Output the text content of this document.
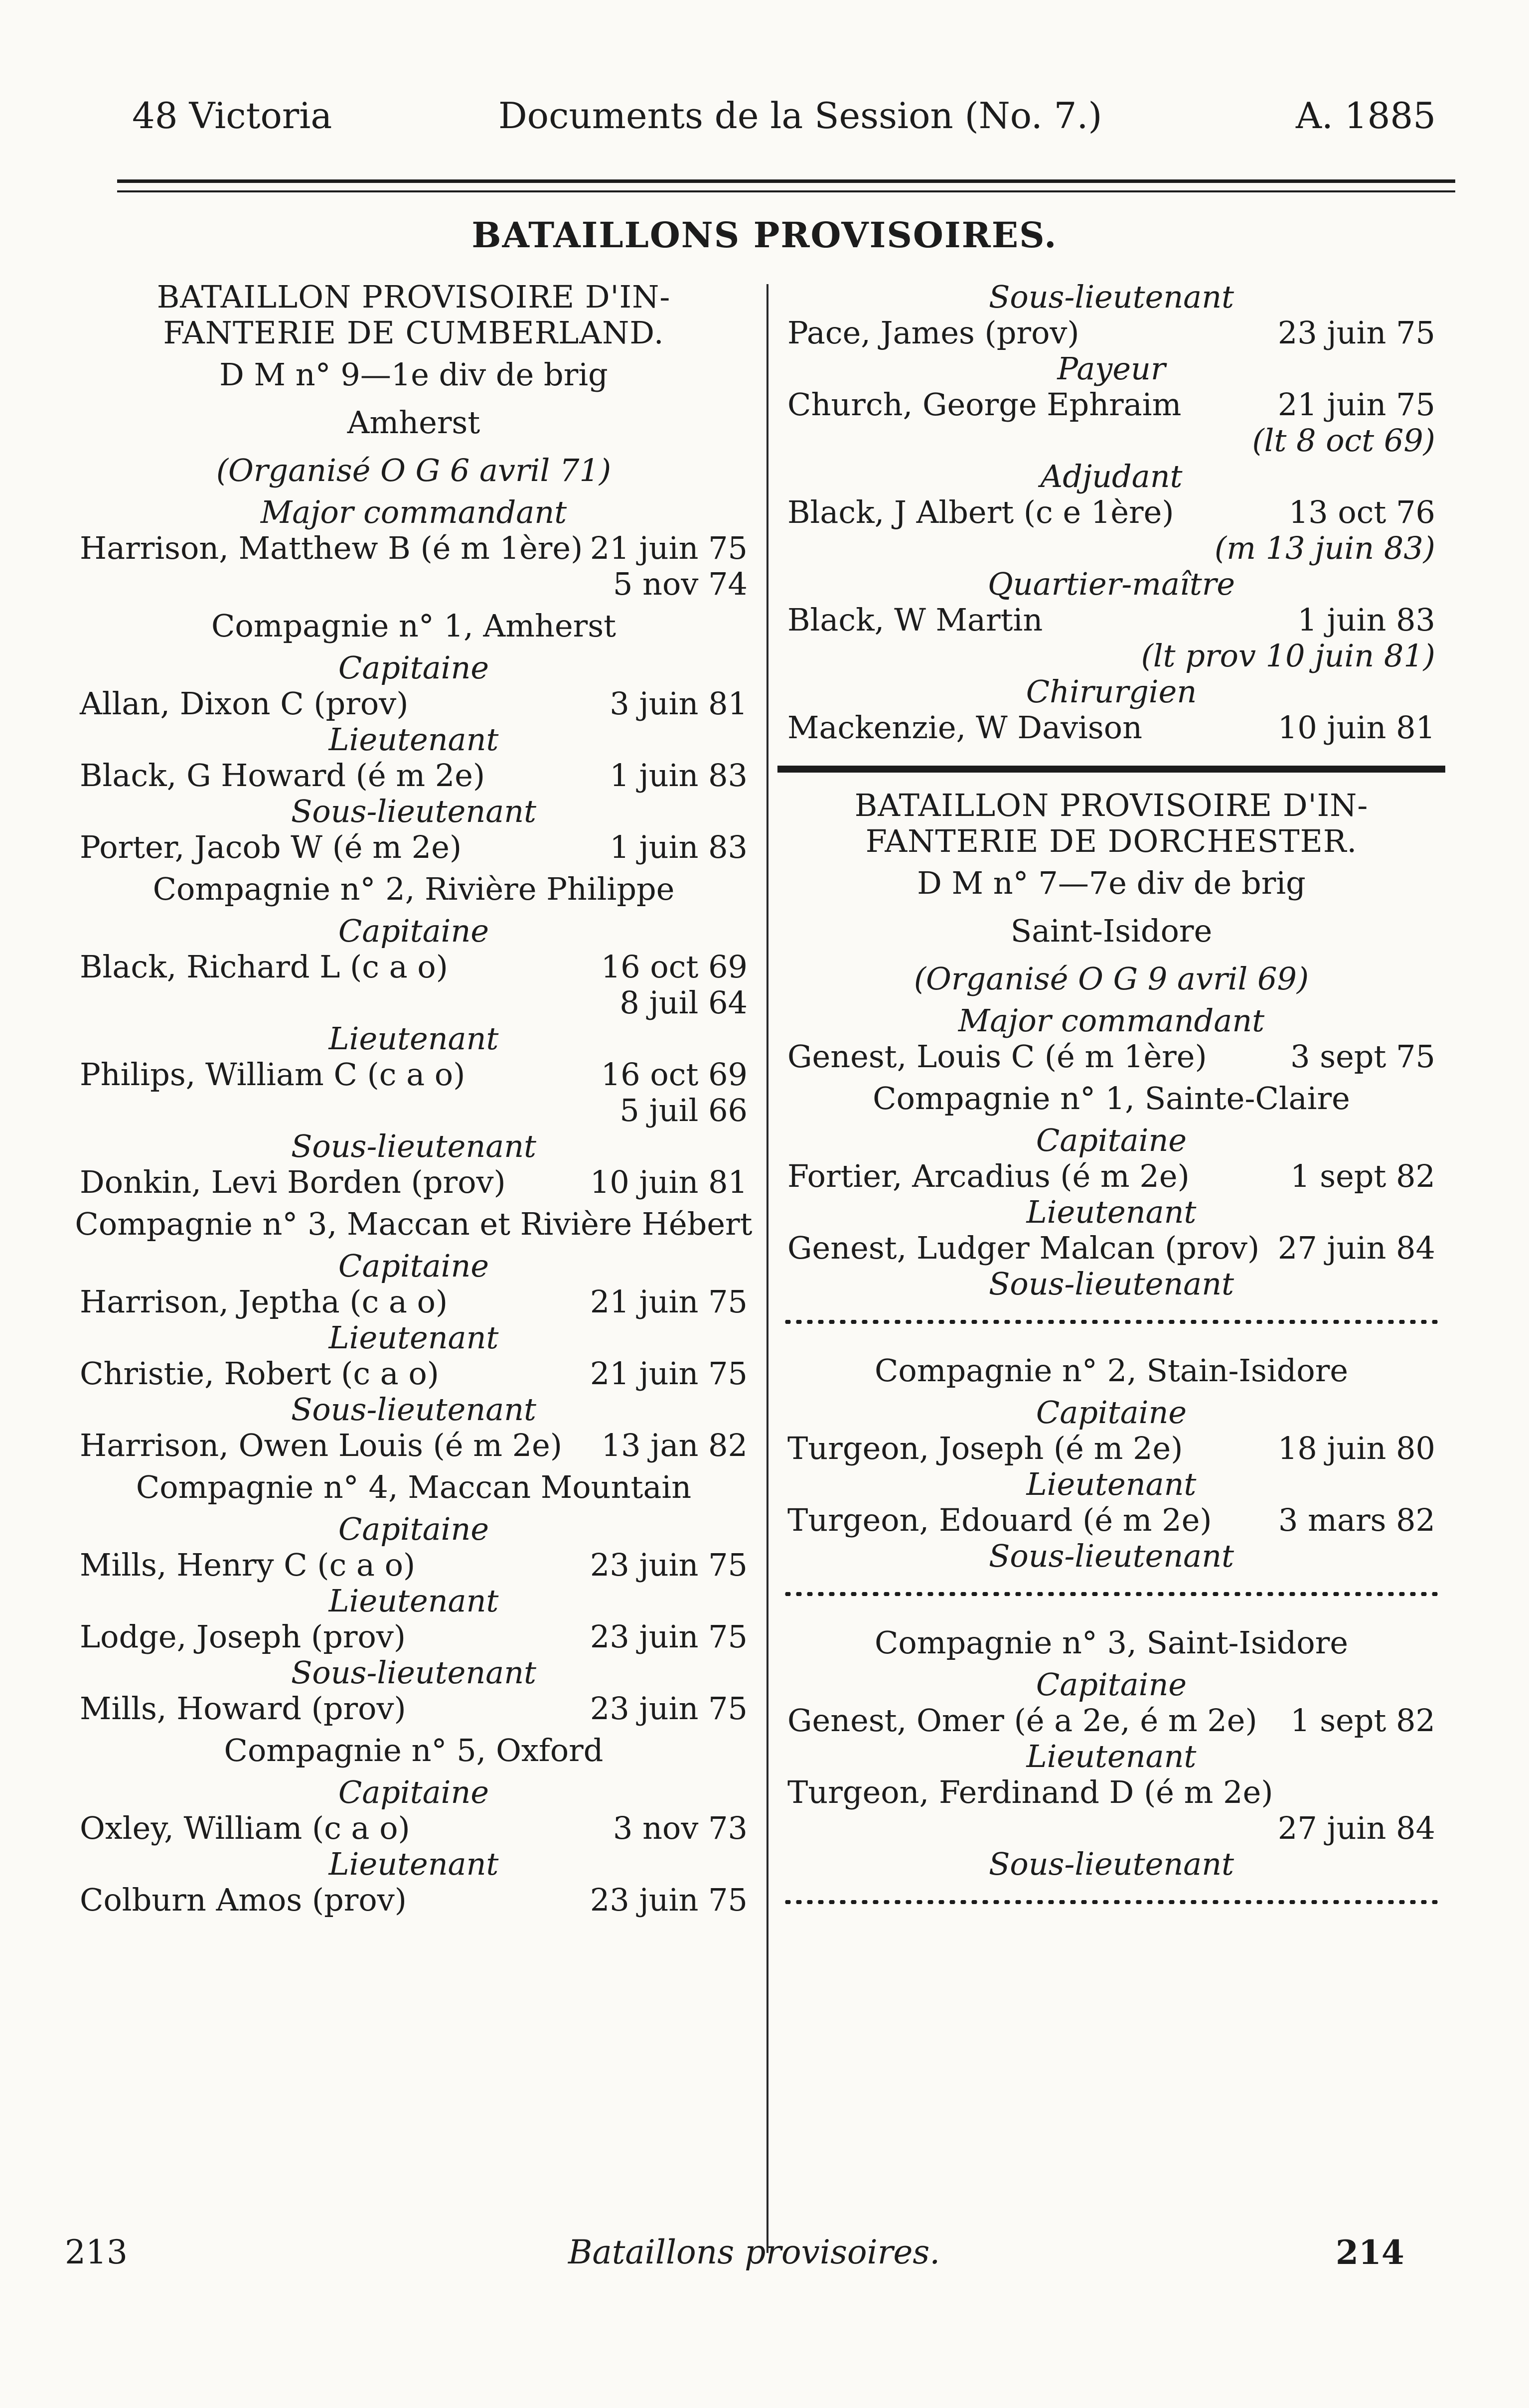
48 Victoria	Documents de la Session (No. 7.)	A. 1885
BATAILLONS PROVISOIRES.
BATAILLON PROVISOIRE D'IN-
FANTERIE DE CUMBERLAND.
D M n° 9—1e div de brig
Amherst
(Organisé O G 6 avril 71)
Major commandant
Harrison, Matthew B (é m 1ère) 21 juin 75
5 nov 74
Compagnie n° 1, Amherst
Capitaine
Allan, Dixon C (prov)	3 juin 81
Lieutenant
Black, G Howard (é m 2e)	1 juin 83
Sous-lieutenant
Porter, Jacob W (é m 2e)	1 juin 83
Compagnie n° 2, Rivière Philippe
Capitaine
Black, Richard L (c a o)	16 oct 69
8 juil 64
Lieutenant
Philips, William C (c a o)	16 oct 69
5 juil 66
Sous-lieutenant
Donkin, Levi Borden (prov)	10 juin 81
Compagnie n° 3, Maccan et Rivière Hébert
Capitaine
Harrison, Jeptha (c a o)	21 juin 75
Lieutenant
Christie, Robert (c a o)	21 juin 75
Sous-lieutenant
Harrison, Owen Louis (é m 2e) 13 jan 82
Compagnie n° 4, Maccan Mountain
Capitaine
Mills, Henry C (c a o)	23 juin 75
Lieutenant
Lodge, Joseph (prov)	23 juin 75
Sous-lieutenant
Mills, Howard (prov)	23 juin 75
Compagnie n° 5, Oxford
Capitaine
Oxley, William (c a o)	3 nov 73
Lieutenant
Colburn Amos (prov)	23 juin 75
Sous-lieutenant
Pace, James (prov)	23 juin 75
Payeur
Church, George Ephraim	21 juin 75
(lt 8 oct 69)
Adjudant
Black, J Albert (c e 1ère)	13 oct 76
(m 13 juin 83)
Quartier-maître
Black, W Martin	1 juin 83
(lt prov 10 juin 81)
Chirurgien
Mackenzie, W Davison	10 juin 81
BATAILLON PROVISOIRE D'IN-
FANTERIE DE DORCHESTER.
D M n° 7—7e div de brig
Saint-Isidore
(Organisé O G 9 avril 69)
Major commandant
Genest, Louis C (é m 1ère)	3 sept 75
Compagnie n° 1, Sainte-Claire
Capitaine
Fortier, Arcadius (é m 2e)	1 sept 82
Lieutenant
Genest, Ludger Malcan (prov) 27 juin 84
Sous-lieutenant
Compagnie n° 2, Stain-Isidore
Capitaine
Turgeon, Joseph (é m 2e)	18 juin 80
Lieutenant
Turgeon, Edouard (é m 2e) 3 mars 82
Sous-lieutenant
Compagnie n° 3, Saint-Isidore
Capitaine
Genest, Omer (é a 2e, é m 2e) 1 sept 82
Lieutenant
Turgeon, Ferdinand D (é m 2e)
27 juin 84
Sous-lieutenant
213	Bataillons provisoires.	214
